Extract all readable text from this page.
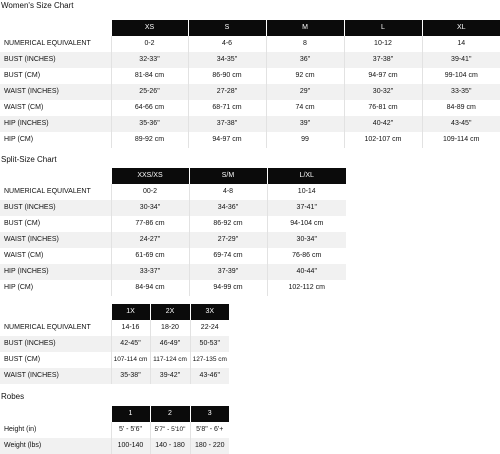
Women's Size Chart
	XS	S	M	L	XL
NUMERICAL EQUIVALENT	0-2	4-6	8	10-12	14
BUST (INCHES)	32-33"	34-35"	36"	37-38"	39-41"
BUST (CM)	81-84 cm	86-90 cm	92 cm	94-97 cm	99-104 cm
WAIST (INCHES)	25-26"	27-28"	29"	30-32"	33-35"
WAIST (CM)	64-66 cm	68-71 cm	74 cm	76-81 cm	84-89 cm
HIP (INCHES)	35-36"	37-38"	39"	40-42"	43-45"
HIP (CM)	89-92 cm	94-97 cm	99	102-107 cm	109-114 cm
Split-Size Chart
	XXS/XS	S/M	L/XL
NUMERICAL EQUIVALENT	00-2	4-8	10-14
BUST (INCHES)	30-34"	34-36"	37-41"
BUST (CM)	77-86 cm	86-92 cm	94-104 cm
WAIST (INCHES)	24-27"	27-29"	30-34"
WAIST (CM)	61-69 cm	69-74 cm	76-86 cm
HIP (INCHES)	33-37"	37-39"	40-44"
HIP (CM)	84-94 cm	94-99 cm	102-112 cm
	1X	2X	3X
NUMERICAL EQUIVALENT	14-16	18-20	22-24
BUST (INCHES)	42-45"	46-49"	50-53"
BUST (CM)	107-114 cm	117-124 cm	127-135 cm
WAIST (INCHES)	35-38"	39-42"	43-46"
Robes
	1	2	3
Height (in)	5' - 5'6"	5'7" - 5'10"	5'8" - 6'+
Weight (lbs)	100-140	140 - 180	180 - 220
